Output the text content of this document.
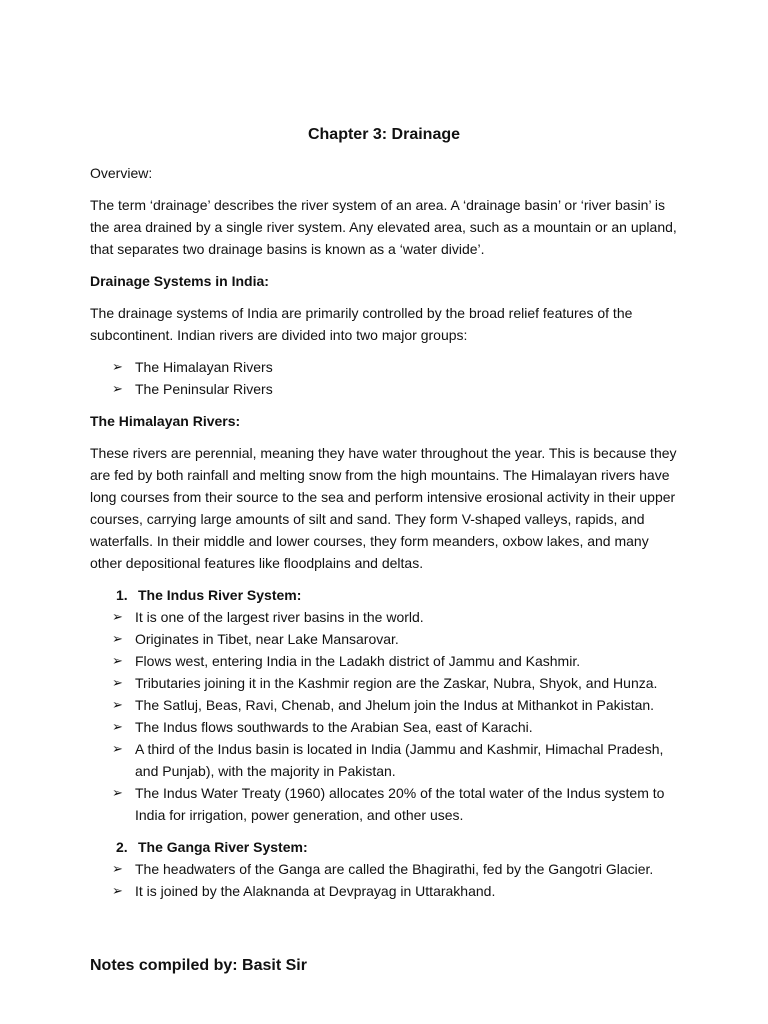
Chapter 3: Drainage

Overview:

The term ‘drainage’ describes the river system of an area. A ‘drainage basin’ or ‘river basin’ is the area drained by a single river system. Any elevated area, such as a mountain or an upland, that separates two drainage basins is known as a ‘water divide’.

Drainage Systems in India:

The drainage systems of India are primarily controlled by the broad relief features of the subcontinent. Indian rivers are divided into two major groups:

➢ The Himalayan Rivers
➢ The Peninsular Rivers

The Himalayan Rivers:

These rivers are perennial, meaning they have water throughout the year. This is because they are fed by both rainfall and melting snow from the high mountains. The Himalayan rivers have long courses from their source to the sea and perform intensive erosional activity in their upper courses, carrying large amounts of silt and sand. They form V-shaped valleys, rapids, and waterfalls. In their middle and lower courses, they form meanders, oxbow lakes, and many other depositional features like floodplains and deltas.

1. The Indus River System:
➢ It is one of the largest river basins in the world.
➢ Originates in Tibet, near Lake Mansarovar.
➢ Flows west, entering India in the Ladakh district of Jammu and Kashmir.
➢ Tributaries joining it in the Kashmir region are the Zaskar, Nubra, Shyok, and Hunza.
➢ The Satluj, Beas, Ravi, Chenab, and Jhelum join the Indus at Mithankot in Pakistan.
➢ The Indus flows southwards to the Arabian Sea, east of Karachi.
➢ A third of the Indus basin is located in India (Jammu and Kashmir, Himachal Pradesh, and Punjab), with the majority in Pakistan.
➢ The Indus Water Treaty (1960) allocates 20% of the total water of the Indus system to India for irrigation, power generation, and other uses.
2. The Ganga River System:
➢ The headwaters of the Ganga are called the Bhagirathi, fed by the Gangotri Glacier.
➢ It is joined by the Alaknanda at Devprayag in Uttarakhand.
Notes compiled by: Basit Sir
